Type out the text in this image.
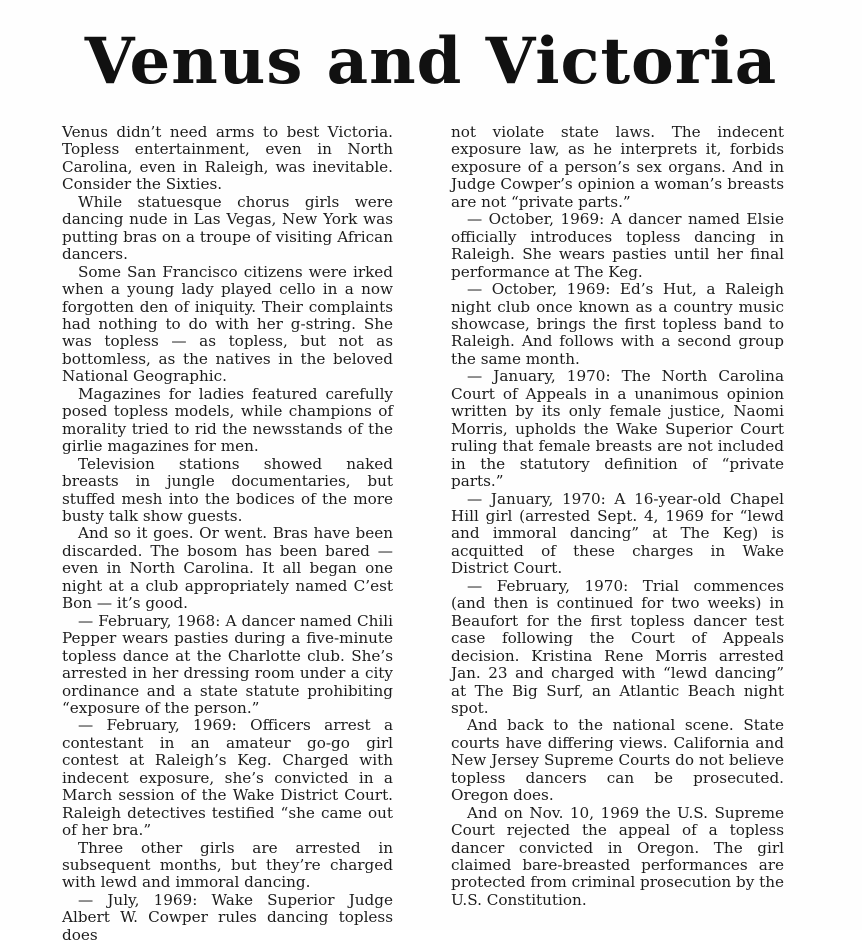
Venus and Victoria

Venus didn’t need arms to best Victoria. Topless entertainment, even in North Carolina, even in Raleigh, was inevitable. Consider the Sixties.

While statuesque chorus girls were dancing nude in Las Vegas, New York was putting bras on a troupe of visiting African dancers.

Some San Francisco citizens were irked when a young lady played cello in a now forgotten den of iniquity. Their complaints had nothing to do with her g-string. She was topless — as topless, but not as bottomless, as the natives in the beloved National Geographic.

Magazines for ladies featured carefully posed topless models, while champions of morality tried to rid the newsstands of the girlie magazines for men.

Television stations showed naked breasts in jungle documentaries, but stuffed mesh into the bodices of the more busty talk show guests.

And so it goes. Or went. Bras have been discarded. The bosom has been bared — even in North Carolina. It all began one night at a club appropriately named C’est Bon — it’s good.

— February, 1968: A dancer named Chili Pepper wears pasties during a five-minute topless dance at the Charlotte club. She’s arrested in her dressing room under a city ordinance and a state statute prohibiting “exposure of the person.”

— February, 1969: Officers arrest a contestant in an amateur go-go girl contest at Raleigh’s Keg. Charged with indecent exposure, she’s convicted in a March session of the Wake District Court. Raleigh detectives testified “she came out of her bra.”

Three other girls are arrested in subsequent months, but they’re charged with lewd and immoral dancing.

— July, 1969: Wake Superior Judge Albert W. Cowper rules dancing topless does

not violate state laws. The indecent exposure law, as he interprets it, forbids exposure of a person’s sex organs. And in Judge Cowper’s opinion a woman’s breasts are not “private parts.”

— October, 1969: A dancer named Elsie officially introduces topless dancing in Raleigh. She wears pasties until her final performance at The Keg.

— October, 1969: Ed’s Hut, a Raleigh night club once known as a country music showcase, brings the first topless band to Raleigh. And follows with a second group the same month.

— January, 1970: The North Carolina Court of Appeals in a unanimous opinion written by its only female justice, Naomi Morris, upholds the Wake Superior Court ruling that female breasts are not included in the statutory definition of “private parts.”

— January, 1970: A 16-year-old Chapel Hill girl (arrested Sept. 4, 1969 for “lewd and immoral dancing” at The Keg) is acquitted of these charges in Wake District Court.

— February, 1970: Trial commences (and then is continued for two weeks) in Beaufort for the first topless dancer test case following the Court of Appeals decision. Kristina Rene Morris arrested Jan. 23 and charged with “lewd dancing” at The Big Surf, an Atlantic Beach night spot.

And back to the national scene. State courts have differing views. California and New Jersey Supreme Courts do not believe topless dancers can be prosecuted. Oregon does.

And on Nov. 10, 1969 the U.S. Supreme Court rejected the appeal of a topless dancer convicted in Oregon. The girl claimed bare-breasted performances are protected from criminal prosecution by the U.S. Constitution.
